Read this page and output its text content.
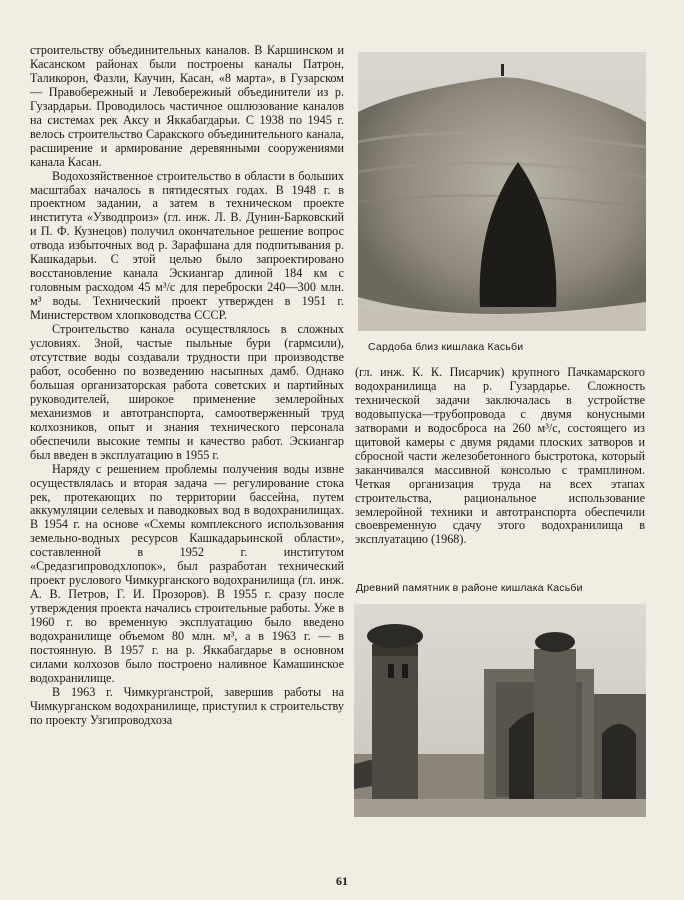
строительству объединительных каналов. В Каршинском и Касанском районах были построены каналы Патрон, Таликорон, Фазли, Каучин, Касан, «8 марта», в Гузарском — Правобережный и Левобережный объединители из р. Гузардарьи. Проводилось частичное ошлюзование каналов на системах рек Аксу и Яккабагдарьи. С 1938 по 1945 г. велось строительство Саракского объединительного канала, расширение и армирование деревянными сооружениями канала Касан.

Водохозяйственное строительство в области в больших масштабах началось в пятидесятых годах. В 1948 г. в проектном задании, а затем в техническом проекте института «Узводпроиз» (гл. инж. Л. В. Дунин-Барковский и П. Ф. Кузнецов) получил окончательное решение вопрос отвода избыточных вод р. Зарафшана для подпитывания р. Кашкадарьи. С этой целью было запроектировано восстановление канала Эскиангар длиной 184 км с головным расходом 45 м³/с для переброски 240—300 млн. м³ воды. Технический проект утвержден в 1951 г. Министерством хлопководства СССР.

Строительство канала осуществлялось в сложных условиях. Зной, частые пыльные бури (гармсили), отсутствие воды создавали трудности при производстве работ, особенно по возведению насыпных дамб. Однако большая организаторская работа советских и партийных руководителей, широкое применение землеройных механизмов и автотранспорта, самоотверженный труд колхозников, опыт и знания технического персонала обеспечили высокие темпы и качество работ. Эскиангар был введен в эксплуатацию в 1955 г.

Наряду с решением проблемы получения воды извне осуществлялась и вторая задача — регулирование стока рек, протекающих по территории бассейна, путем аккумуляции селевых и паводковых вод в водохранилищах. В 1954 г. на основе «Схемы комплексного использования земельно-водных ресурсов Кашкадарьинской области», составленной в 1952 г. институтом «Средазгипроводхлопок», был разработан технический проект руслового Чимкурганского водохранилища (гл. инж. А. В. Петров, Г. И. Прозоров). В 1955 г. сразу после утверждения проекта начались строительные работы. Уже в 1960 г. во временную эксплуатацию было введено водохранилище объемом 80 млн. м³, а в 1963 г. — в постоянную. В 1957 г. на р. Яккабагдарье в основном силами колхозов было построено наливное Камашинское водохранилище.

В 1963 г. Чимкурганстрой, завершив работы на Чимкурганском водохранилище, приступил к строительству по проекту Узгипроводхоза

Сардоба близ кишлака Касьби

(гл. инж. К. К. Писарчик) крупного Пачкамарского водохранилища на р. Гузардарье. Сложность технической задачи заключалась в устройстве водовыпуска—трубопровода с двумя конусными затворами и водосброса на 260 м³/с, состоящего из щитовой камеры с двумя рядами плоских затворов и сбросной части железобетонного быстротока, который заканчивался массивной консолью с трамплином. Четкая организация труда на всех этапах строительства, рациональное использование землеройной техники и автотранспорта обеспечили своевременную сдачу этого водохранилища в эксплуатацию (1968).

Древний памятник в районе кишлака Касьби
61
